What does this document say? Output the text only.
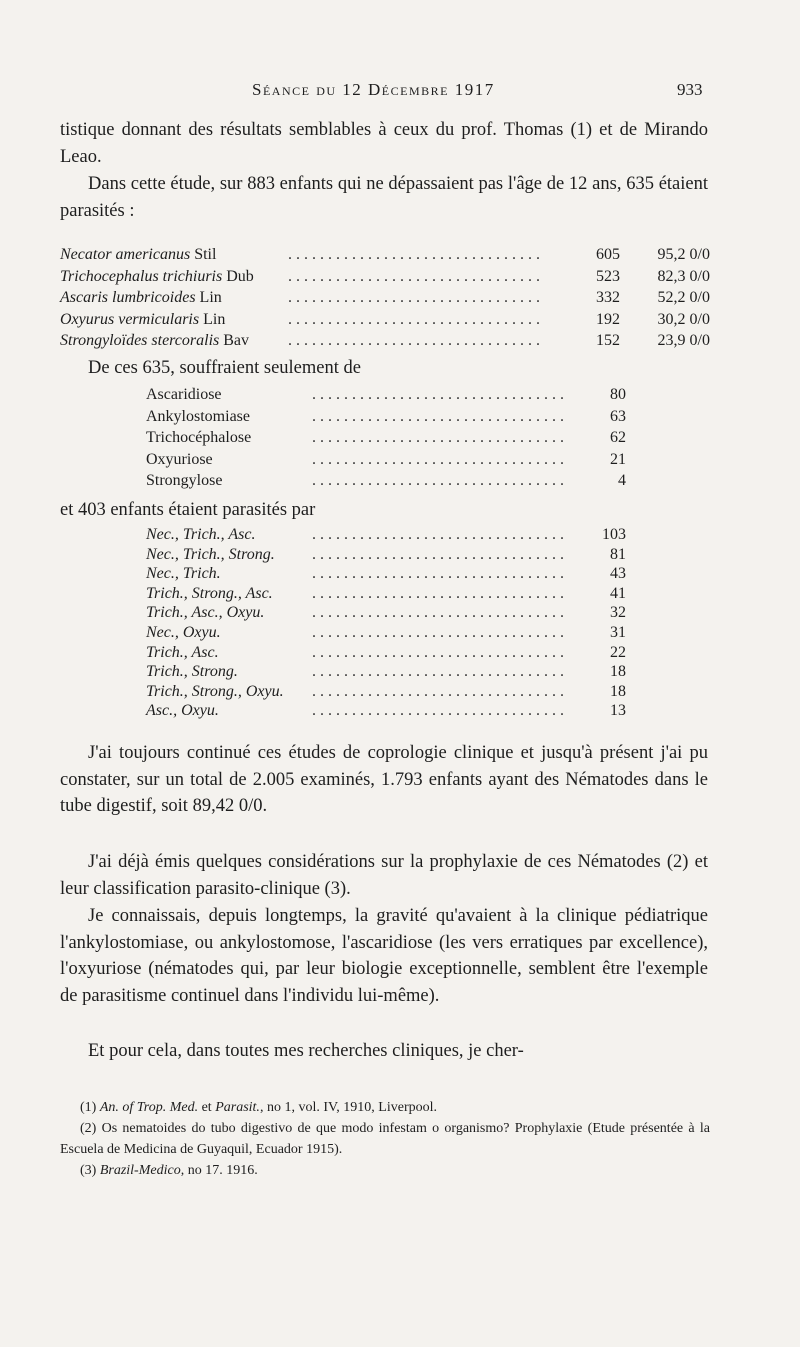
Séance du 12 Décembre 1917	933

tistique donnant des résultats semblables à ceux du prof. Thomas (1) et de Mirando Leao.

Dans cette étude, sur 883 enfants qui ne dépassaient pas l'âge de 12 ans, 635 étaient parasités :

Necator americanus Stil	. . . . . . . . . . . . . . . . . . . . . . . . . . . . . . . .	605	95,2 0/0
Trichocephalus trichiuris Dub . . . . . . . . . . . . . . . . . . . . . . . . . . . . . . . .	523	82,3 0/0
Ascaris lumbricoides Lin	. . . . . . . . . . . . . . . . . . . . . . . . . . . . . . . .	332	52,2 0/0
Oxyurus vermicularis Lin	. . . . . . . . . . . . . . . . . . . . . . . . . . . . . . . .	192	30,2 0/0
Strongyloïdes stercoralis Bav . . . . . . . . . . . . . . . . . . . . . . . . . . . . . . . .	152	23,9 0/0

De ces 635, souffraient seulement de

Ascaridiose	. . . . . . . . . . . . . . . . . . . . . . . . . . . . . . . .	80
Ankylostomiase	. . . . . . . . . . . . . . . . . . . . . . . . . . . . . . . .	63
Trichocéphalose	. . . . . . . . . . . . . . . . . . . . . . . . . . . . . . . .	62
Oxyuriose	. . . . . . . . . . . . . . . . . . . . . . . . . . . . . . . .	21
Strongylose	. . . . . . . . . . . . . . . . . . . . . . . . . . . . . . . .	4

et 403 enfants étaient parasités par

Nec., Trich., Asc.	. . . . . . . . . . . . . . . . . . . . . . . . . . . . . . . .	103
Nec., Trich., Strong. . . . . . . . . . . . . . . . . . . . . . . . . . . . . . . . .	81
Nec., Trich.	. . . . . . . . . . . . . . . . . . . . . . . . . . . . . . . .	43
Trich., Strong., Asc. . . . . . . . . . . . . . . . . . . . . . . . . . . . . . . . .	41
Trich., Asc., Oxyu.	. . . . . . . . . . . . . . . . . . . . . . . . . . . . . . . .	32
Nec., Oxyu.	. . . . . . . . . . . . . . . . . . . . . . . . . . . . . . . .	31
Trich., Asc.	. . . . . . . . . . . . . . . . . . . . . . . . . . . . . . . .	22
Trich., Strong.	. . . . . . . . . . . . . . . . . . . . . . . . . . . . . . . .	18
Trich., Strong., Oxyu. . . . . . . . . . . . . . . . . . . . . . . . . . . . . . . . .	18
Asc., Oxyu.	. . . . . . . . . . . . . . . . . . . . . . . . . . . . . . . .	13

J'ai toujours continué ces études de coprologie clinique et jusqu'à présent j'ai pu constater, sur un total de 2.005 examinés, 1.793 enfants ayant des Nématodes dans le tube digestif, soit 89,42 0/0.

J'ai déjà émis quelques considérations sur la prophylaxie de ces Nématodes (2) et leur classification parasito-clinique (3).

Je connaissais, depuis longtemps, la gravité qu'avaient à la clinique pédiatrique l'ankylostomiase, ou ankylostomose, l'ascaridiose (les vers erratiques par excellence), l'oxyuriose (nématodes qui, par leur biologie exceptionnelle, semblent être l'exemple de parasitisme continuel dans l'individu lui-même).

Et pour cela, dans toutes mes recherches cliniques, je cher-

(1) An. of Trop. Med. et Parasit., no 1, vol. IV, 1910, Liverpool.
(2) Os nematoides do tubo digestivo de que modo infestam o organismo? Prophylaxie (Etude présentée à la Escuela de Medicina de Guyaquil, Ecuador 1915).
(3) Brazil-Medico, no 17. 1916.
